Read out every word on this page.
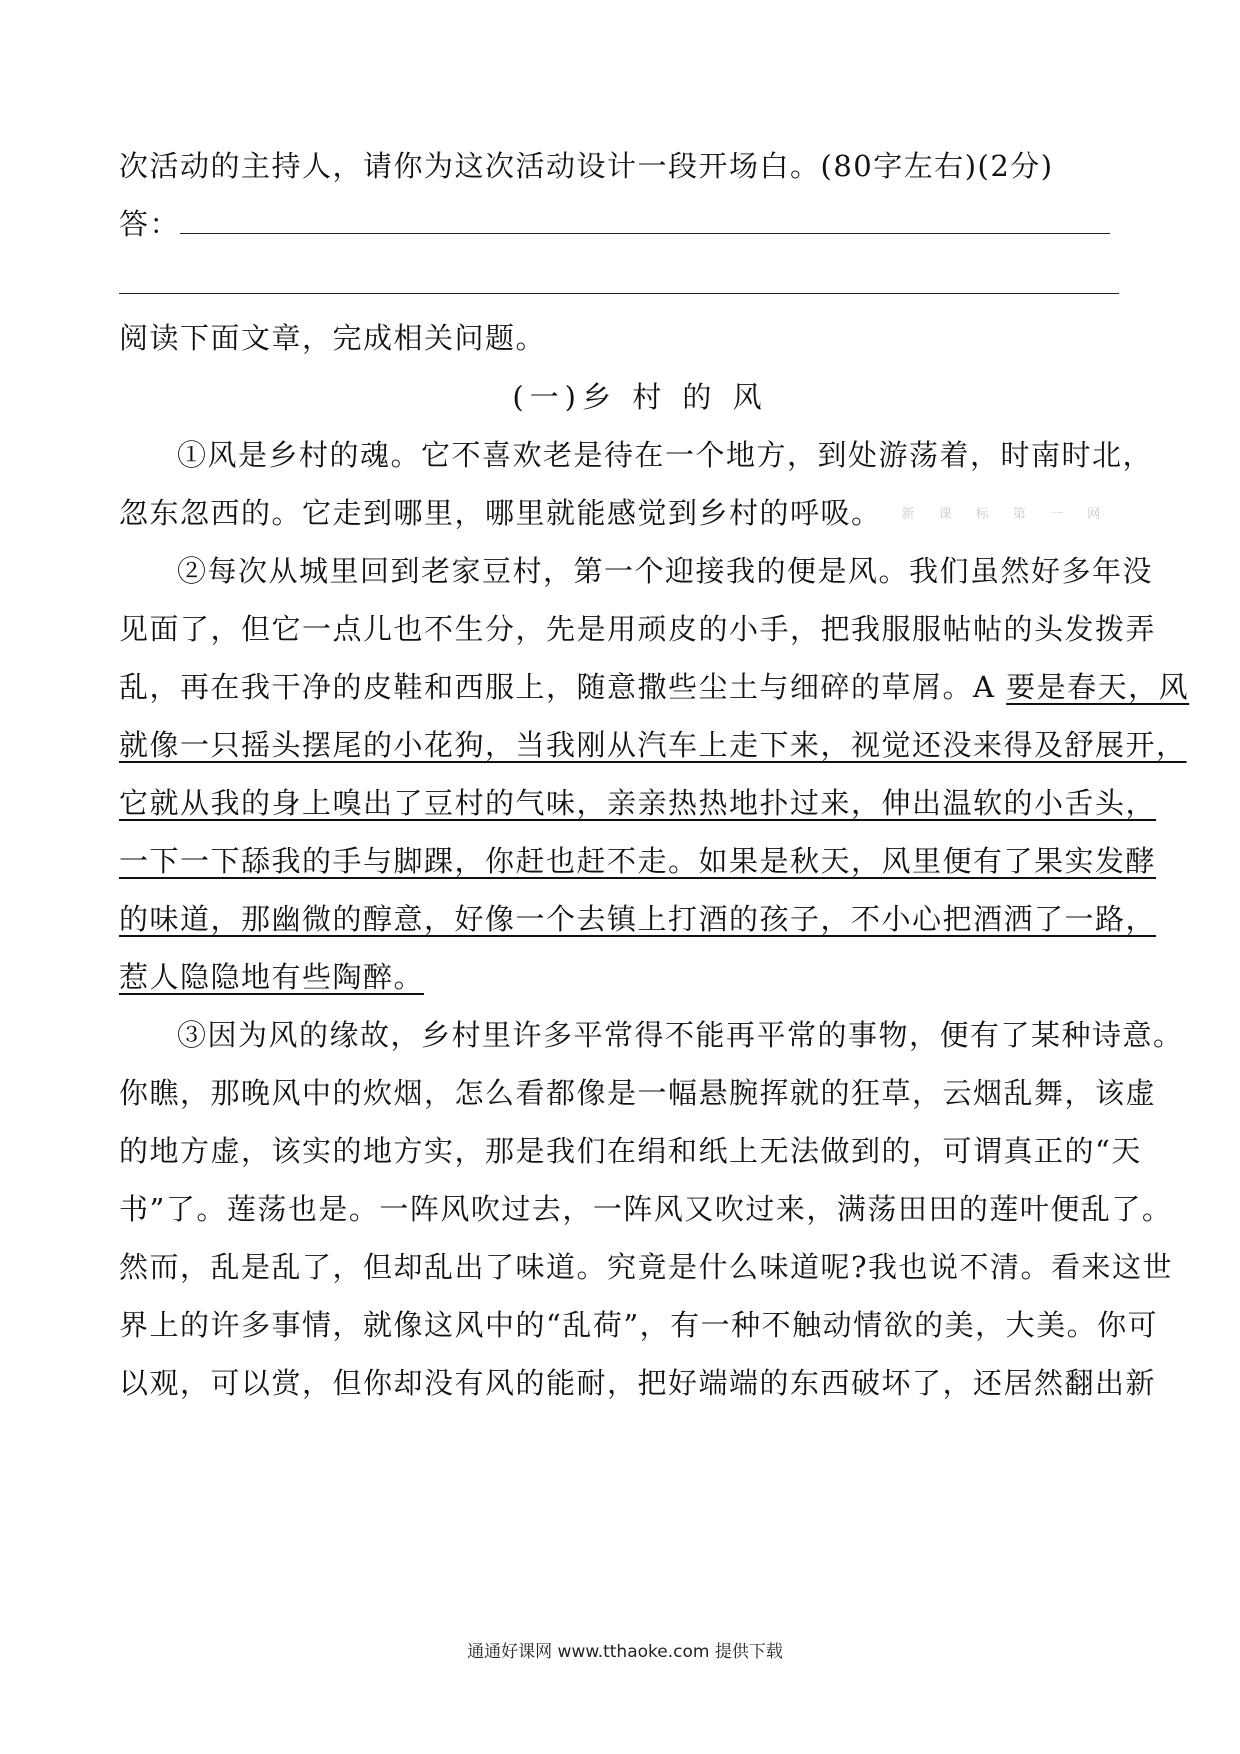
次活动的主持人，请你为这次活动设计一段开场白。(80字左右)(2分)
答：
阅读下面文章，完成相关问题。
(一)乡 村 的 风
①风是乡村的魂。它不喜欢老是待在一个地方，到处游荡着，时南时北，
忽东忽西的。它走到哪里，哪里就能感觉到乡村的呼吸。 新 课 标 第 一 网
②每次从城里回到老家豆村，第一个迎接我的便是风。我们虽然好多年没
见面了，但它一点儿也不生分，先是用顽皮的小手，把我服服帖帖的头发拨弄
乱，再在我干净的皮鞋和西服上，随意撒些尘土与细碎的草屑。A 要是春天，风
就像一只摇头摆尾的小花狗，当我刚从汽车上走下来，视觉还没来得及舒展开，
它就从我的身上嗅出了豆村的气味，亲亲热热地扑过来，伸出温软的小舌头，
一下一下舔我的手与脚踝，你赶也赶不走。如果是秋天，风里便有了果实发酵
的味道，那幽微的醇意，好像一个去镇上打酒的孩子，不小心把酒洒了一路，
惹人隐隐地有些陶醉。
③因为风的缘故，乡村里许多平常得不能再平常的事物，便有了某种诗意。
你瞧，那晚风中的炊烟，怎么看都像是一幅悬腕挥就的狂草，云烟乱舞，该虚
的地方虚，该实的地方实，那是我们在绢和纸上无法做到的，可谓真正的“天
书”了。莲荡也是。一阵风吹过去，一阵风又吹过来，满荡田田的莲叶便乱了。
然而，乱是乱了，但却乱出了味道。究竟是什么味道呢?我也说不清。看来这世
界上的许多事情，就像这风中的“乱荷”，有一种不触动情欲的美，大美。你可
以观，可以赏，但你却没有风的能耐，把好端端的东西破坏了，还居然翻出新
通通好课网 www.tthaoke.com 提供下载
